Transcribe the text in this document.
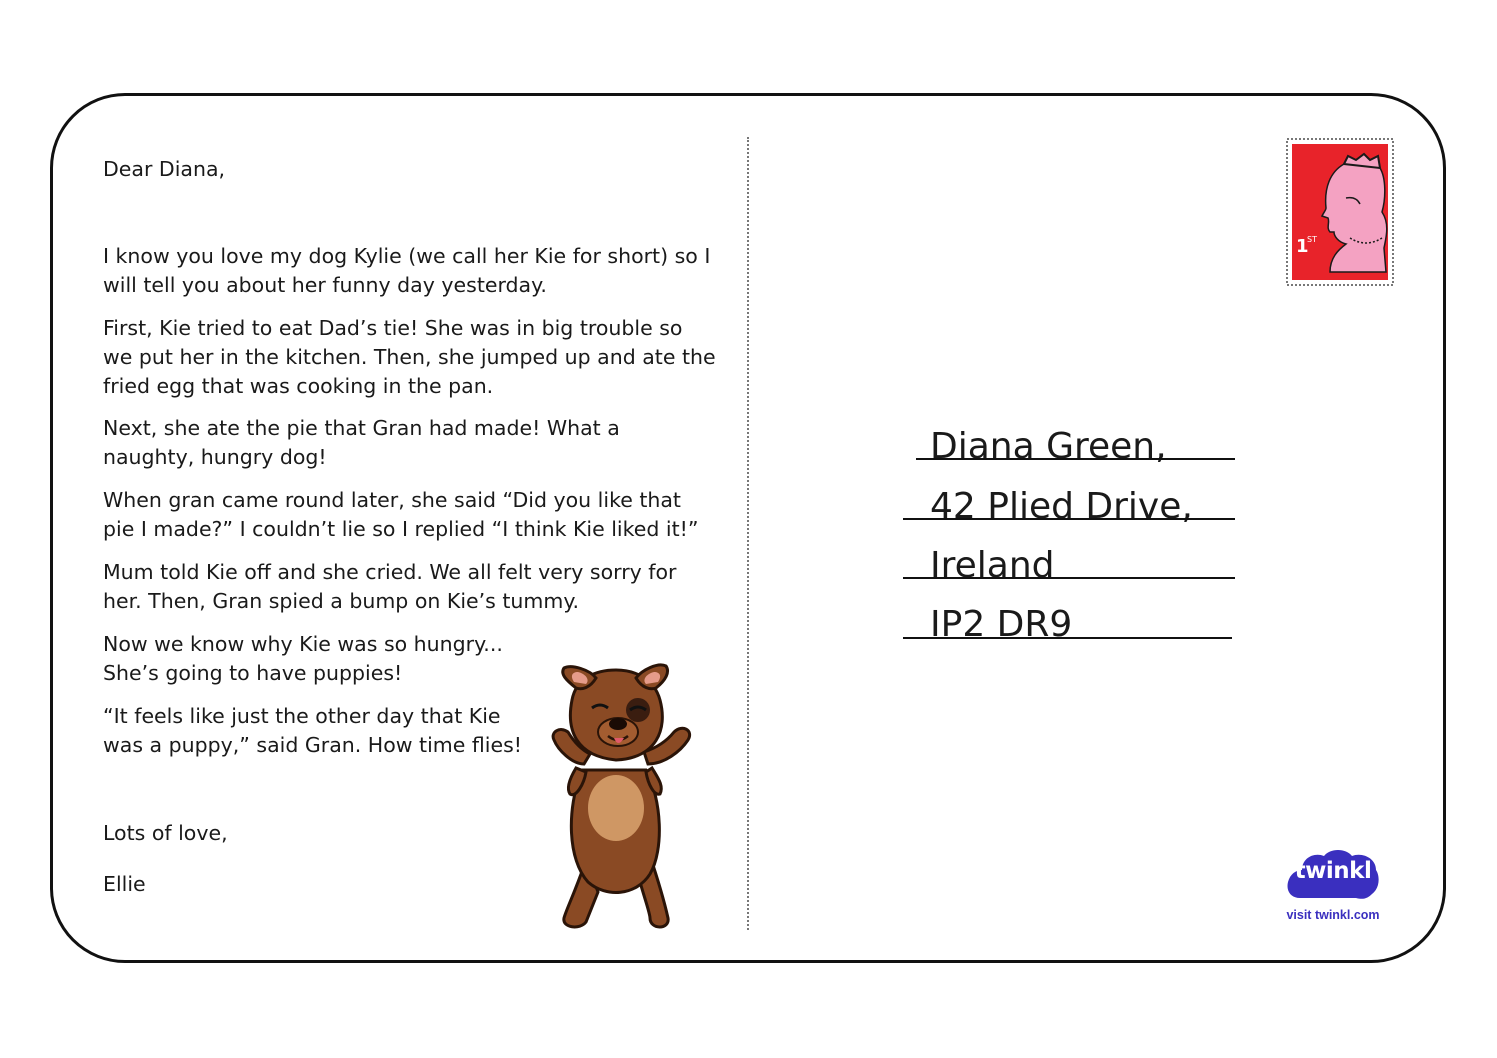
Dear Diana,

I know you love my dog Kylie (we call her Kie for short) so I
will tell you about her funny day yesterday.

First, Kie tried to eat Dad’s tie! She was in big trouble so
we put her in the kitchen. Then, she jumped up and ate the
fried egg that was cooking in the pan.

Next, she ate the pie that Gran had made! What a
naughty, hungry dog!

When gran came round later, she said “Did you like that
pie I made?” I couldn’t lie so I replied “I think Kie liked it!”

Mum told Kie off and she cried. We all felt very sorry for
her. Then, Gran spied a bump on Kie’s tummy.

Now we know why Kie was so hungry...
She’s going to have puppies!

“It feels like just the other day that Kie
was a puppy,” said Gran. How time flies!

Lots of love,

Ellie

1
ST
Diana Green,
42 Plied Drive,
Ireland
IP2 DR9
twinkl
visit twinkl.com
